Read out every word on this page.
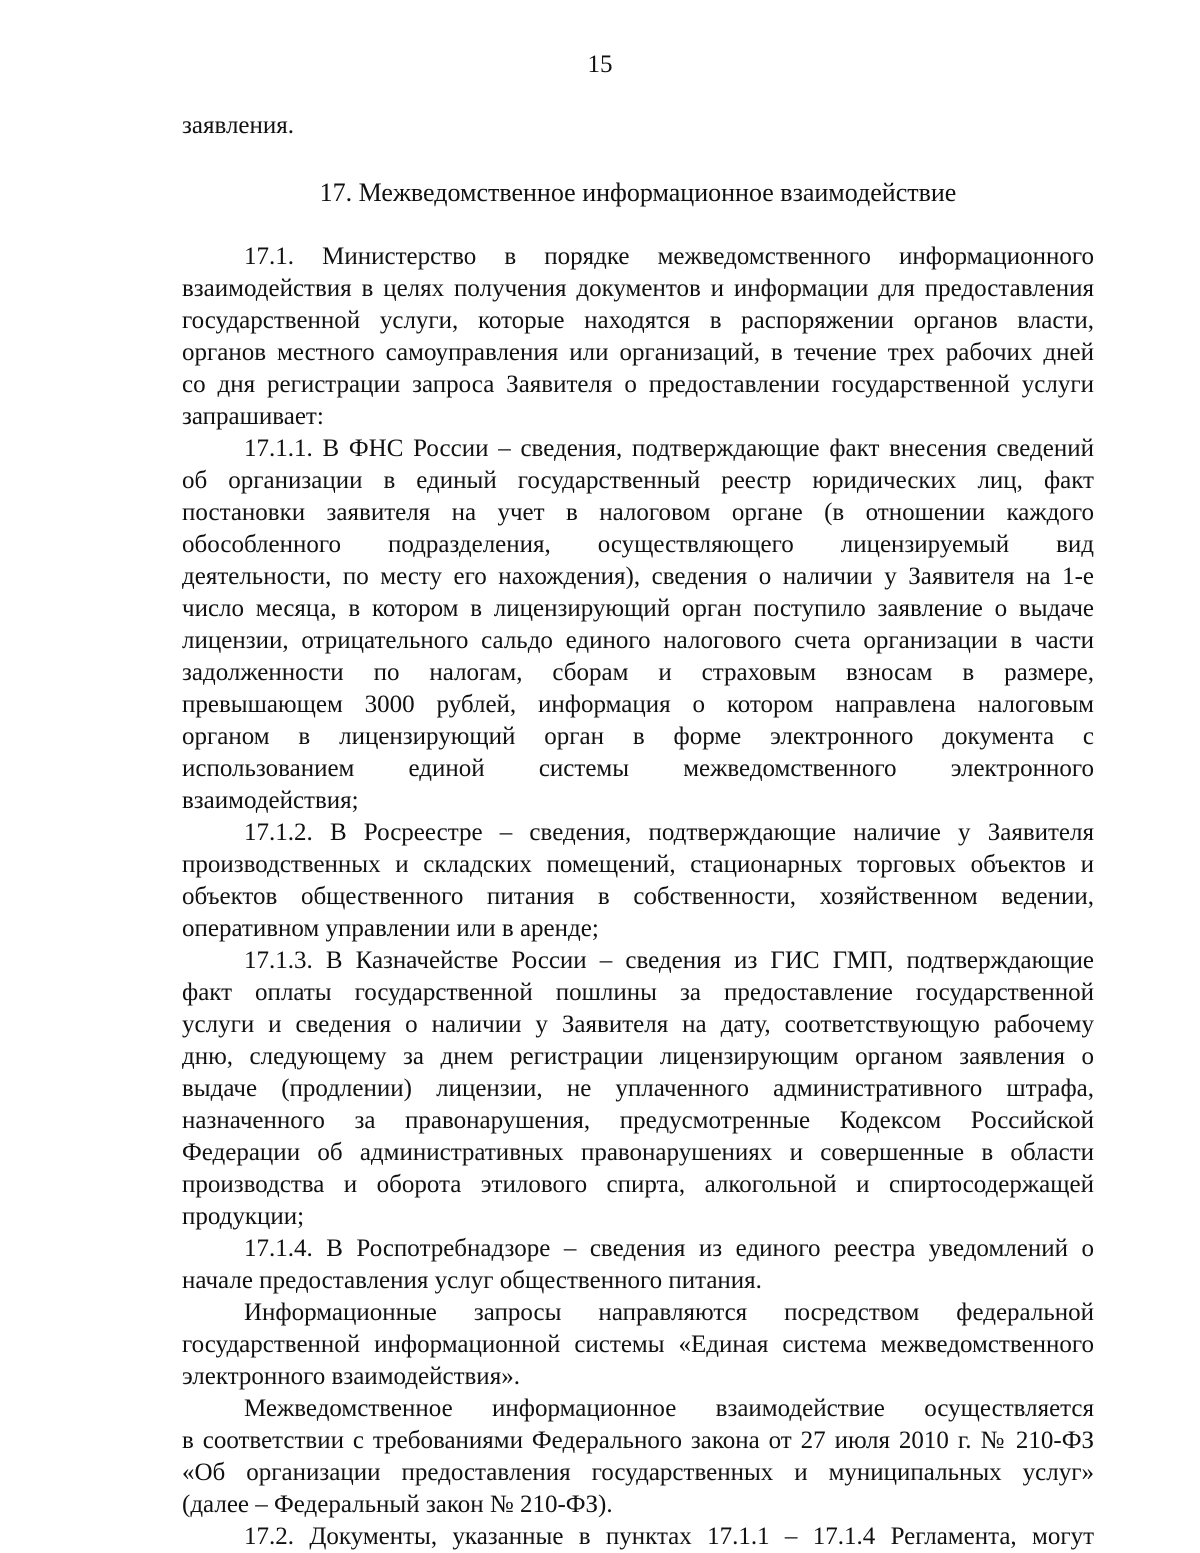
15
заявления.
17. Межведомственное информационное взаимодействие
17.1. Министерство в порядке межведомственного информационного
взаимодействия в целях получения документов и информации для предоставления
государственной услуги, которые находятся в распоряжении органов власти,
органов местного самоуправления или организаций, в течение трех рабочих дней
со дня регистрации запроса Заявителя о предоставлении государственной услуги
запрашивает:
17.1.1. В ФНС России – сведения, подтверждающие факт внесения сведений
об организации в единый государственный реестр юридических лиц, факт
постановки заявителя на учет в налоговом органе (в отношении каждого
обособленного подразделения, осуществляющего лицензируемый вид
деятельности, по месту его нахождения), сведения о наличии у Заявителя на 1-е
число месяца, в котором в лицензирующий орган поступило заявление о выдаче
лицензии, отрицательного сальдо единого налогового счета организации в части
задолженности по налогам, сборам и страховым взносам в размере,
превышающем 3000 рублей, информация о котором направлена налоговым
органом в лицензирующий орган в форме электронного документа с
использованием единой системы межведомственного электронного
взаимодействия;
17.1.2. В Росреестре – сведения, подтверждающие наличие у Заявителя
производственных и складских помещений, стационарных торговых объектов и
объектов общественного питания в собственности, хозяйственном ведении,
оперативном управлении или в аренде;
17.1.3. В Казначействе России – сведения из ГИС ГМП, подтверждающие
факт оплаты государственной пошлины за предоставление государственной
услуги и сведения о наличии у Заявителя на дату, соответствующую рабочему
дню, следующему за днем регистрации лицензирующим органом заявления о
выдаче (продлении) лицензии, не уплаченного административного штрафа,
назначенного за правонарушения, предусмотренные Кодексом Российской
Федерации об административных правонарушениях и совершенные в области
производства и оборота этилового спирта, алкогольной и спиртосодержащей
продукции;
17.1.4. В Роспотребнадзоре – сведения из единого реестра уведомлений о
начале предоставления услуг общественного питания.
Информационные запросы направляются посредством федеральной
государственной информационной системы «Единая система межведомственного
электронного взаимодействия».
Межведомственное информационное взаимодействие осуществляется
в соответствии с требованиями Федерального закона от 27 июля 2010 г. № 210-ФЗ
«Об организации предоставления государственных и муниципальных услуг»
(далее – Федеральный закон № 210-ФЗ).
17.2. Документы, указанные в пунктах 17.1.1 – 17.1.4 Регламента, могут
